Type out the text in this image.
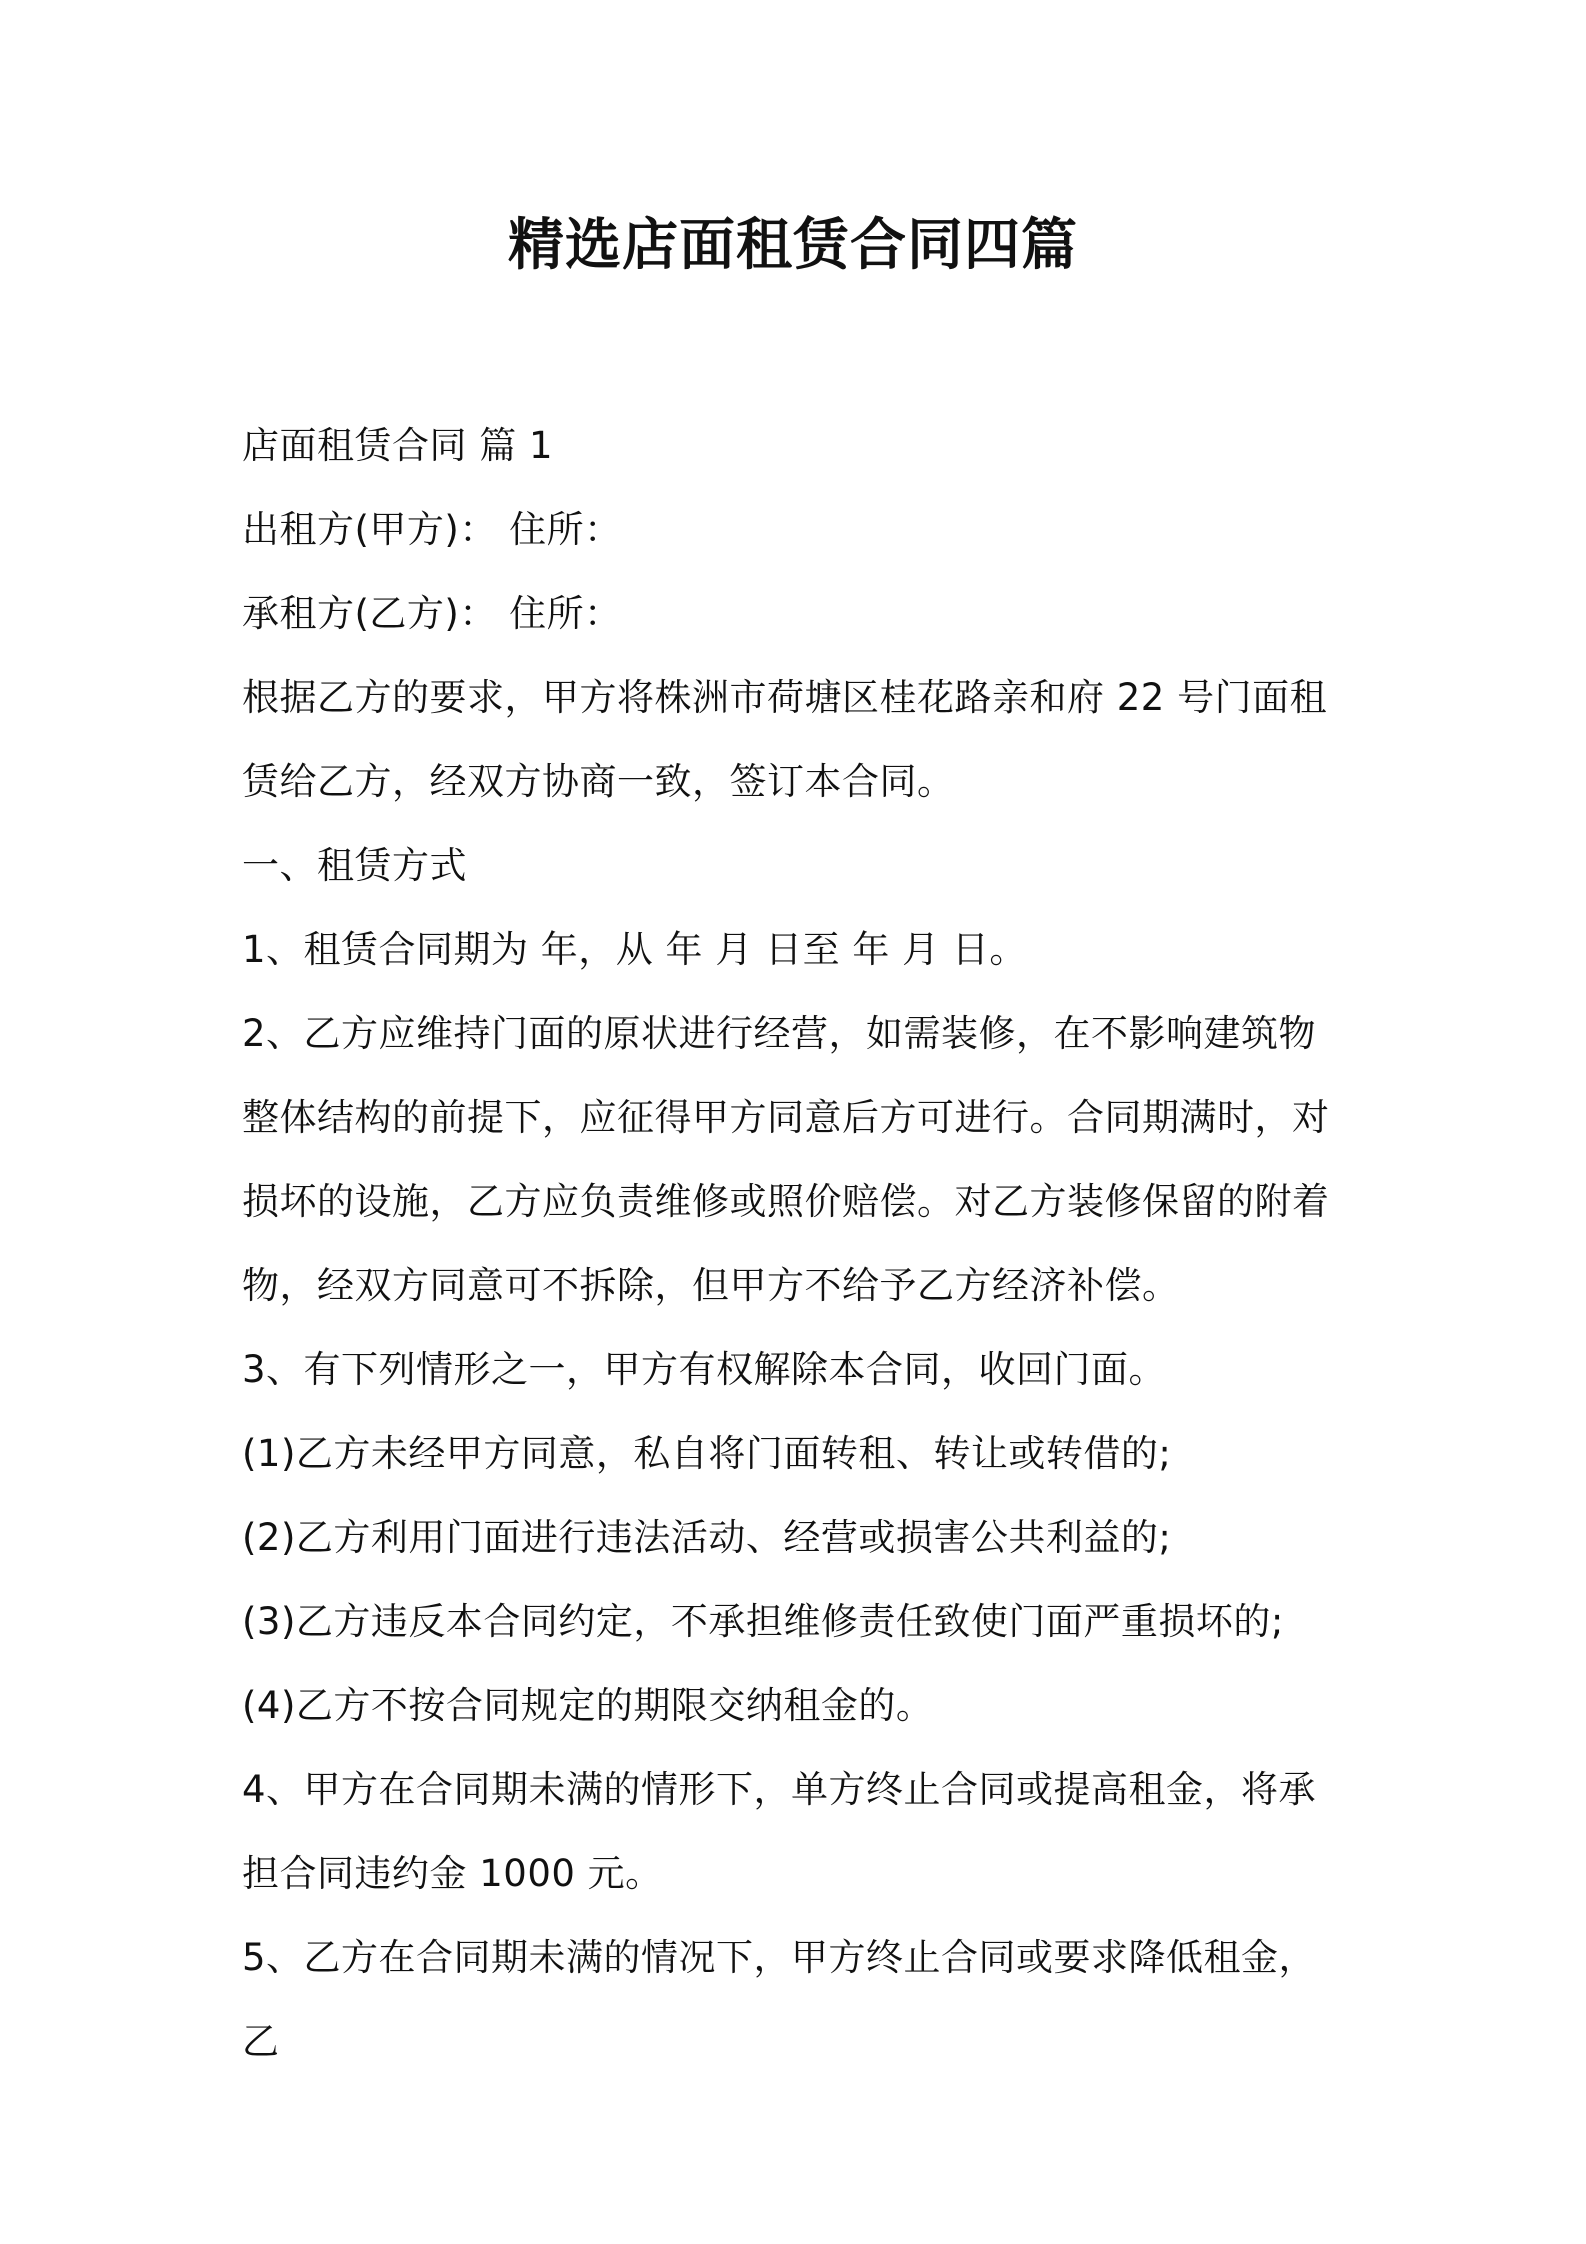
精选店面租赁合同四篇

店面租赁合同 篇 1

出租方(甲方)： 住所：

承租方(乙方)： 住所：

根据乙方的要求，甲方将株洲市荷塘区桂花路亲和府 22 号门面租赁给乙方，经双方协商一致，签订本合同。

一、租赁方式

1、租赁合同期为 年，从 年 月 日至 年 月 日。

2、乙方应维持门面的原状进行经营，如需装修，在不影响建筑物整体结构的前提下，应征得甲方同意后方可进行。合同期满时，对损坏的设施，乙方应负责维修或照价赔偿。对乙方装修保留的附着物，经双方同意可不拆除，但甲方不给予乙方经济补偿。

3、有下列情形之一，甲方有权解除本合同，收回门面。

(1)乙方未经甲方同意，私自将门面转租、转让或转借的;

(2)乙方利用门面进行违法活动、经营或损害公共利益的;

(3)乙方违反本合同约定，不承担维修责任致使门面严重损坏的;

(4)乙方不按合同规定的期限交纳租金的。

4、甲方在合同期未满的情形下，单方终止合同或提高租金，将承担合同违约金 1000 元。

5、乙方在合同期未满的情况下，甲方终止合同或要求降低租金，乙
